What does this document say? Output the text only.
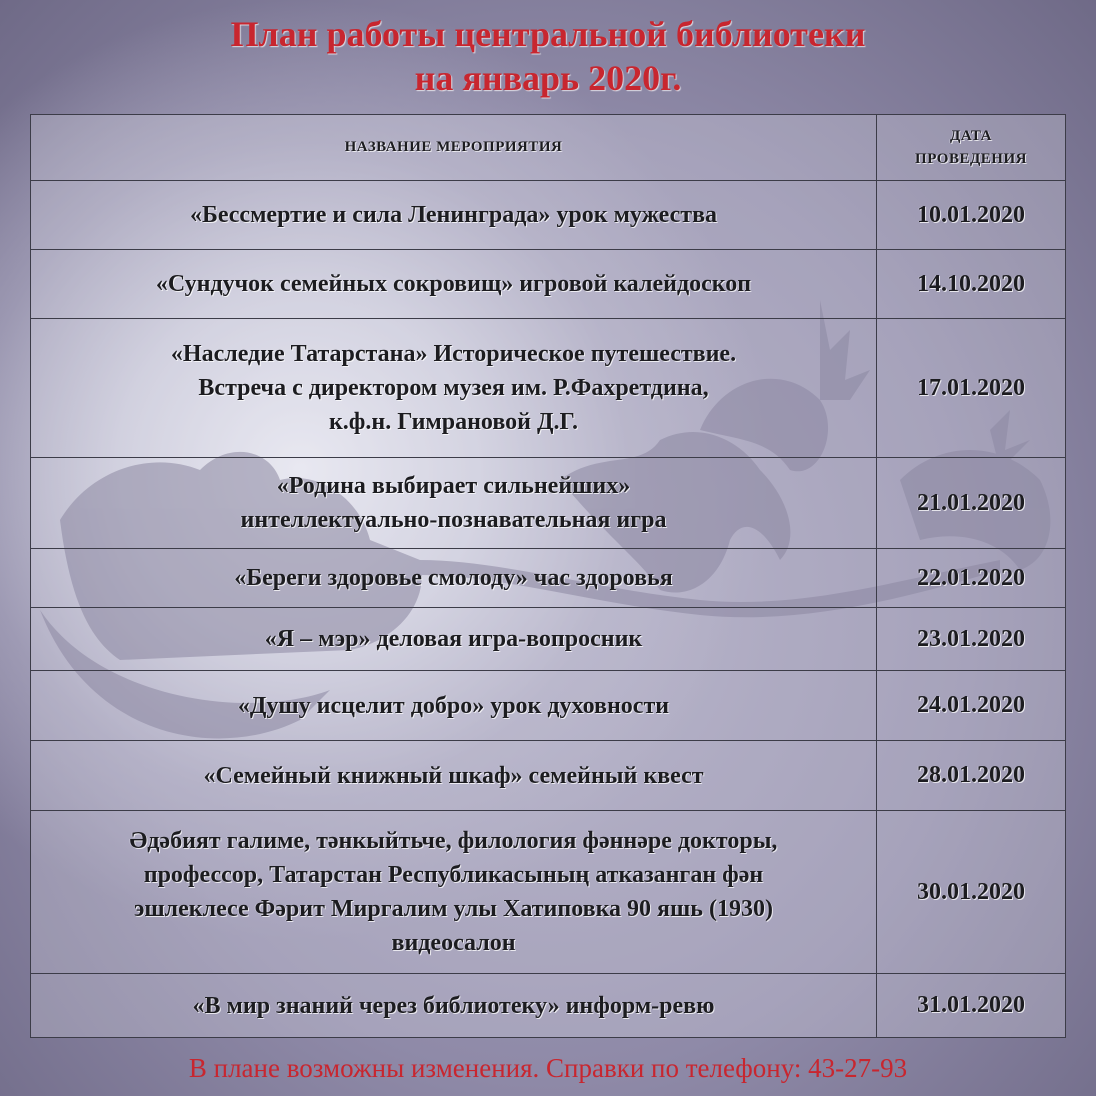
План работы центральной библиотеки
на январь 2020г.
НАЗВАНИЕ МЕРОПРИЯТИЯ	ДАТА
ПРОВЕДЕНИЯ

«Бессмертие и сила Ленинграда» урок мужества	10.01.2020

«Сундучок семейных сокровищ» игровой калейдоскоп	14.10.2020

«Наследие Татарстана» Историческое путешествие.
Встреча с директором музея им. Р.Фахретдина,
к.ф.н. Гимрановой Д.Г.	17.01.2020

«Родина выбирает сильнейших»
интеллектуально-познавательная игра	21.01.2020

«Береги здоровье смолоду» час здоровья	22.01.2020

«Я – мэр» деловая игра-вопросник	23.01.2020

«Душу исцелит добро» урок духовности	24.01.2020

«Семейный книжный шкаф» семейный квест	28.01.2020

Әдәбият галиме, тәнкыйтьче, филология фәннәре докторы,
профессор, Татарстан Республикасының атказанган фән
эшлеклесе Фәрит Миргалим улы Хатиповка 90 яшь (1930)
видеосалон	30.01.2020

«В мир знаний через библиотеку» информ-ревю	31.01.2020
В плане возможны изменения. Справки по телефону: 43-27-93
